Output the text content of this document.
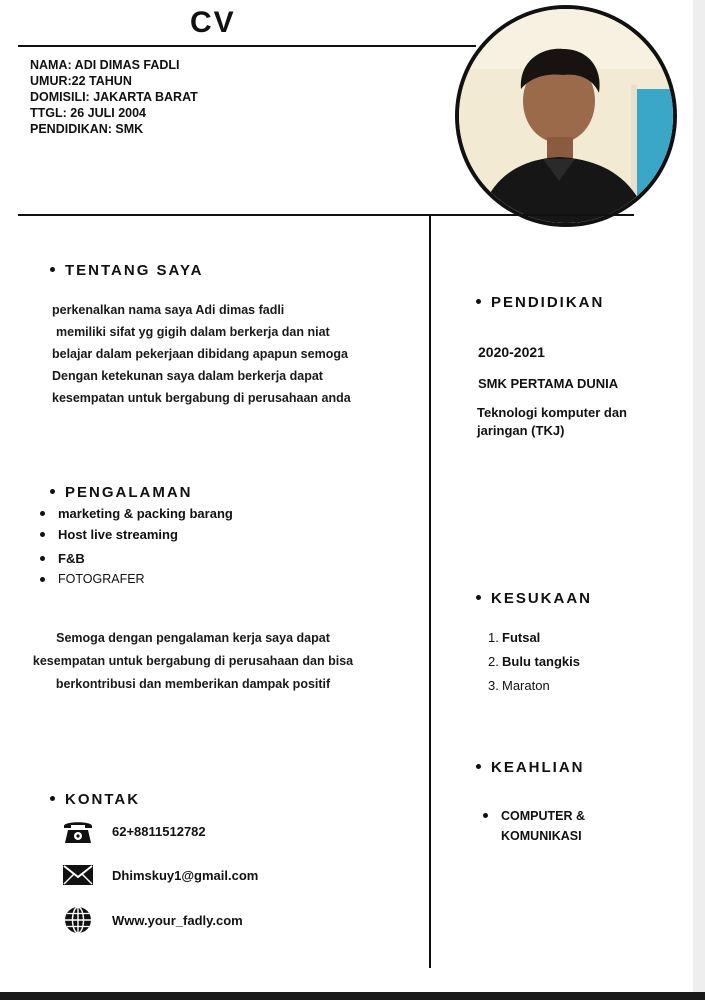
CV
NAMA: ADI DIMAS FADLI
UMUR:22 TAHUN
DOMISILI: JAKARTA BARAT
TTGL: 26 JULI 2004
PENDIDIKAN: SMK
TENTANG SAYA
perkenalkan nama saya Adi dimas fadli
memiliki sifat yg gigih dalam berkerja dan niat
belajar dalam pekerjaan dibidang apapun semoga
Dengan ketekunan saya dalam berkerja dapat
kesempatan untuk bergabung di perusahaan anda
PENGALAMAN
marketing & packing barang
Host live streaming
F&B
FOTOGRAFER
Semoga dengan pengalaman kerja saya dapat
kesempatan untuk bergabung di perusahaan dan bisa
berkontribusi dan memberikan dampak positif
KONTAK
62+8811512782
Dhimskuy1@gmail.com
Www.your_fadly.com
PENDIDIKAN
2020-2021
SMK PERTAMA DUNIA
Teknologi komputer dan jaringan (TKJ)
KESUKAAN
1. Futsal
2. Bulu tangkis
3. Maraton
KEAHLIAN
COMPUTER & KOMUNIKASI
